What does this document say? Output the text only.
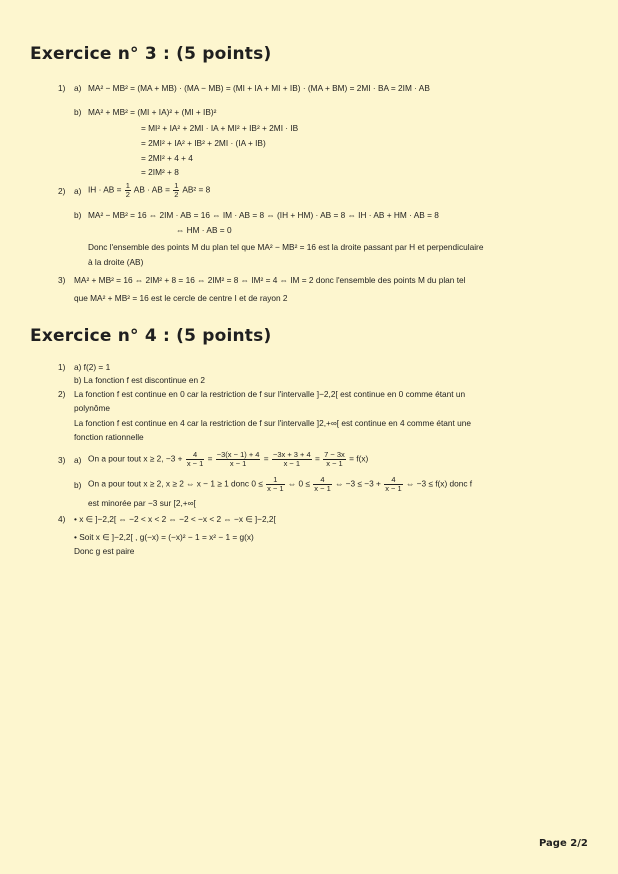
Exercice n° 3 : (5 points)
1) a) MA² − MB² = (MA + MB) · (MA − MB) = (MI + IA + MI + IB) · (MA + BM) = 2MI · BA = 2IM · AB
b) MA² + MB² = (MI + IA)² + (MI + IB)²
= MI² + IA² + 2MI · IA + MI² + IB² + 2MI · IB
= 2MI² + IA² + IB² + 2MI · (IA + IB)
= 2MI² + 4 + 4
= 2IM² + 8
2) a) IH · AB = $\frac{1}{2}$ AB · AB = $\frac{1}{2} AB^2 = 8$
b) MA² − MB² = 16 ⇔ 2IM · AB = 16 ⇔ IM · AB = 8 ⇔ (IH + HM) · AB = 8 ⇔ IH · AB + HM · AB = 8
⇔ HM · AB = 0
Donc l'ensemble des points M du plan tel que MA² − MB² = 16 est la droite passant par H et perpendiculaire
à la droite (AB)
3) MA² + MB² = 16 ⇔ 2IM² + 8 = 16 ⇔ 2IM² = 8 ⇔ IM² = 4 ⇔ IM = 2 donc l'ensemble des points M du plan tel
que MA² + MB² = 16 est le cercle de centre I et de rayon 2
Exercice n° 4 : (5 points)
1) a) f(2) = 1
b) La fonction f est discontinue en 2
2) La fonction f est continue en 0 car la restriction de f sur l'intervalle ]−2,2[ est continue en 0 comme étant un
polynôme
La fonction f est continue en 4 car la restriction de f sur l'intervalle ]2,+∞[ est continue en 4 comme étant une
fonction rationnelle
3) a) On a pour tout x ≥ 2, $-3 + \frac{4}{x - 1} = \frac{-3(x - 1) + 4}{x - 1} = \frac{-3x + 3 + 4}{x - 1} = \frac{7 - 3x}{x - 1} = f(x)$
b) On a pour tout x ≥ 2, x ≥ 2 ⇔ x − 1 ≥ 1 donc $0 \le \frac{1}{x - 1}$ ⇔ $0 \le \frac{4}{x - 1}$ ⇔ $-3 \le -3 + \frac{4}{x - 1}$ ⇔ −3 ≤ f(x) donc f
est minorée par −3 sur [2,+∞[
4) • x ∈ ]−2,2[ ⇔ −2 < x < 2 ⇔ −2 < −x < 2 ⇔ −x ∈ ]−2,2[
• Soit x ∈ ]−2,2[ , g(−x) = (−x)² − 1 = x² − 1 = g(x)
Donc g est paire
Page 2/2
